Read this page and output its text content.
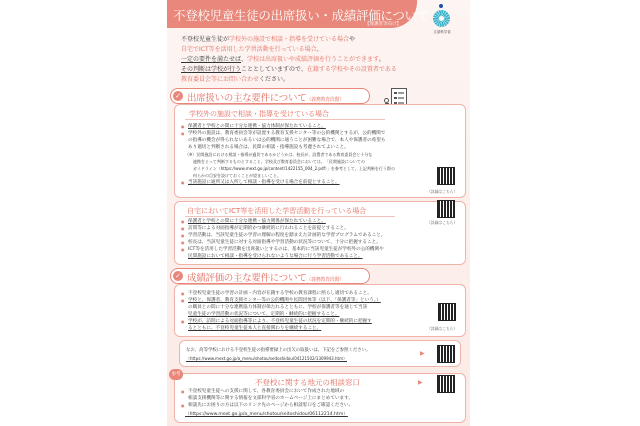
不登校児童生徒の出席扱い・成績評価について
【保護者等向け】
文部科学省

不登校児童生徒が学校外の施設で相談・指導を受けている場合や

自宅でICT等を活用した学習活動を行っている場合、

一定の要件を満たせば、学校は出席扱いや成績評価を行うことができます。

その判断は学校が行うこととしていますので、在籍する学校やその設置者である

教育委員会等にお問い合わせください。

✓ 出席扱いの主な要件について（義務教育段階）
学校外の施設で相談・指導を受けている場合
● 保護者と学校との間に十分な連携・協力体制が保たれていること。
● 学校外の施設は、教育委員会等が設置する教育支援センター等の公的機関とするが、公的機関で
の指導の機会が得られないあるいは公的機関に通うことが困難な場合で、本人や保護者の希望も
あり適切と判断される場合は、民間の相談・指導施設も考慮されてよいこと。
（※）民間施設における相談・指導が適切であるかどうかは、校長が、設置者である教育委員会と十分な
連携をとって判断するものとすること。学校及び教育委員会においては、「民間施設についての
ガイドライン（https://www.mext.go.jp/content/1422155_004_2.pdf）」を参考として、上記判断を行う際の
何らかの目安を設けておくことが望ましいこと。
● 当該施設に通所又は入所して相談・指導を受ける場合を前提とすること。
（詳細はこちら）
自宅においてICT等を活用した学習活動を行っている場合
● 保護者と学校との間に十分な連携・協力関係が保たれていること。
● 訪問等による対面指導が定期的かつ継続的に行われることを前提とすること。
● 学習活動は、当該児童生徒の学習の理解の程度を踏まえた計画的な学習プログラムであること。
● 校長は、当該児童生徒に対する対面指導や学習活動の状況等について、十分に把握すること。
● ICT等を活用した学習活動を出席扱いとするのは、基本的に当該児童生徒が学校外の公的機関や
民間施設において相談・指導を受けられないような場合に行う学習活動であること。
（詳細はこちら）
✓ 成績評価の主な要件について（義務教育段階）
● 不登校児童生徒の学習の計画・内容が在籍する学校の教育課程に照らし適切であること。
● 学校と、保護者、教育支援センター等の公的機関や民間団体等（以下、「保護者等」という。）
の職員との間に十分な連携協力体制が保たれるとともに、学校が保護者等を通じて当該
児童生徒の学習活動の状況等について、定期的・継続的に把握すること。
● 学校が、訪問による対面指導等により、不登校児童生徒の状況を定期的・継続的に把握す
るとともに、不登校児童生徒本人と直接関わりを継続すること。	（詳細はこちら）
なお、高等学校における不登校生徒の指導要録上の出欠の取扱いは、下記をご参照ください。
（https://www.mext.go.jp/a_menu/shotou/seitoshidou/04121502/1309943.htm）
▶
不登校に関する地元の相談窓口
● 不登校児童生徒への支援に関して、各教育委員会において作成された地域の
相談支援機関等に関する情報を文部科学省のホームページ上にまとめています。
● 相談先にお困りの方は以下のリンク先のページから相談窓口をご確認ください。
（https://www.mext.go.jp/a_menu/shotou/seitoshidou/06112214.htm）
▶
参考
